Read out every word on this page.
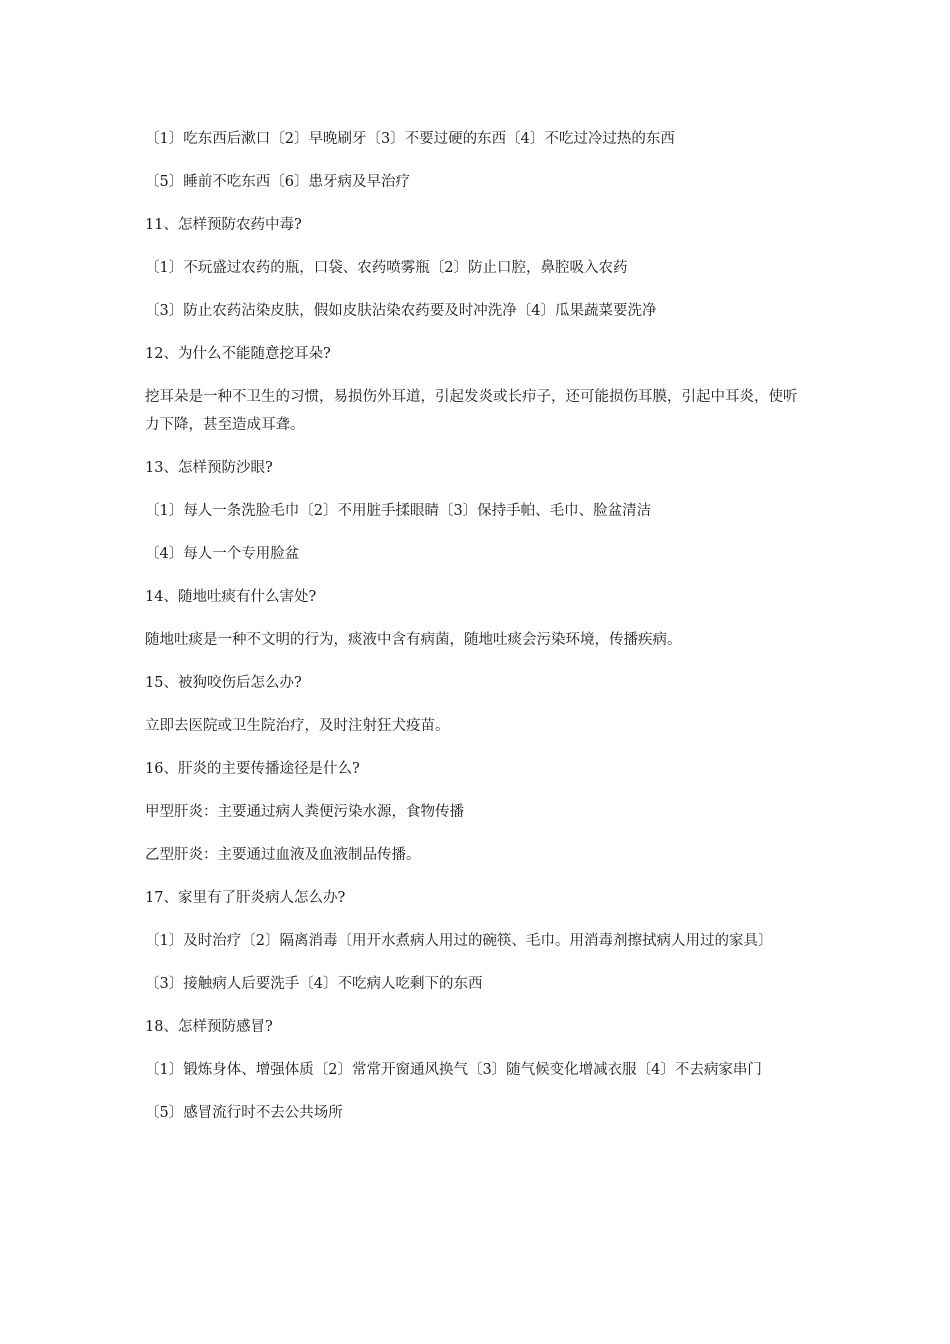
〔1〕吃东西后漱口〔2〕早晚刷牙〔3〕不要过硬的东西〔4〕不吃过冷过热的东西

〔5〕睡前不吃东西〔6〕患牙病及早治疗

11、怎样预防农药中毒?

〔1〕不玩盛过农药的瓶，口袋、农药喷雾瓶〔2〕防止口腔，鼻腔吸入农药

〔3〕防止农药沾染皮肤，假如皮肤沾染农药要及时冲洗净〔4〕瓜果蔬菜要洗净

12、为什么不能随意挖耳朵?

挖耳朵是一种不卫生的习惯，易损伤外耳道，引起发炎或长疖子，还可能损伤耳膜，引起中耳炎，使听力下降，甚至造成耳聋。

13、怎样预防沙眼?

〔1〕每人一条洗脸毛巾〔2〕不用脏手揉眼睛〔3〕保持手帕、毛巾、脸盆清洁

〔4〕每人一个专用脸盆

14、随地吐痰有什么害处?

随地吐痰是一种不文明的行为，痰液中含有病菌，随地吐痰会污染环境，传播疾病。

15、被狗咬伤后怎么办?

立即去医院或卫生院治疗，及时注射狂犬疫苗。

16、肝炎的主要传播途径是什么?

甲型肝炎：主要通过病人粪便污染水源，食物传播

乙型肝炎：主要通过血液及血液制品传播。

17、家里有了肝炎病人怎么办?

〔1〕及时治疗〔2〕隔离消毒〔用开水煮病人用过的碗筷、毛巾。用消毒剂擦拭病人用过的家具〕

〔3〕接触病人后要洗手〔4〕不吃病人吃剩下的东西

18、怎样预防感冒?

〔1〕锻炼身体、增强体质〔2〕常常开窗通风换气〔3〕随气候变化增减衣服〔4〕不去病家串门

〔5〕感冒流行时不去公共场所
